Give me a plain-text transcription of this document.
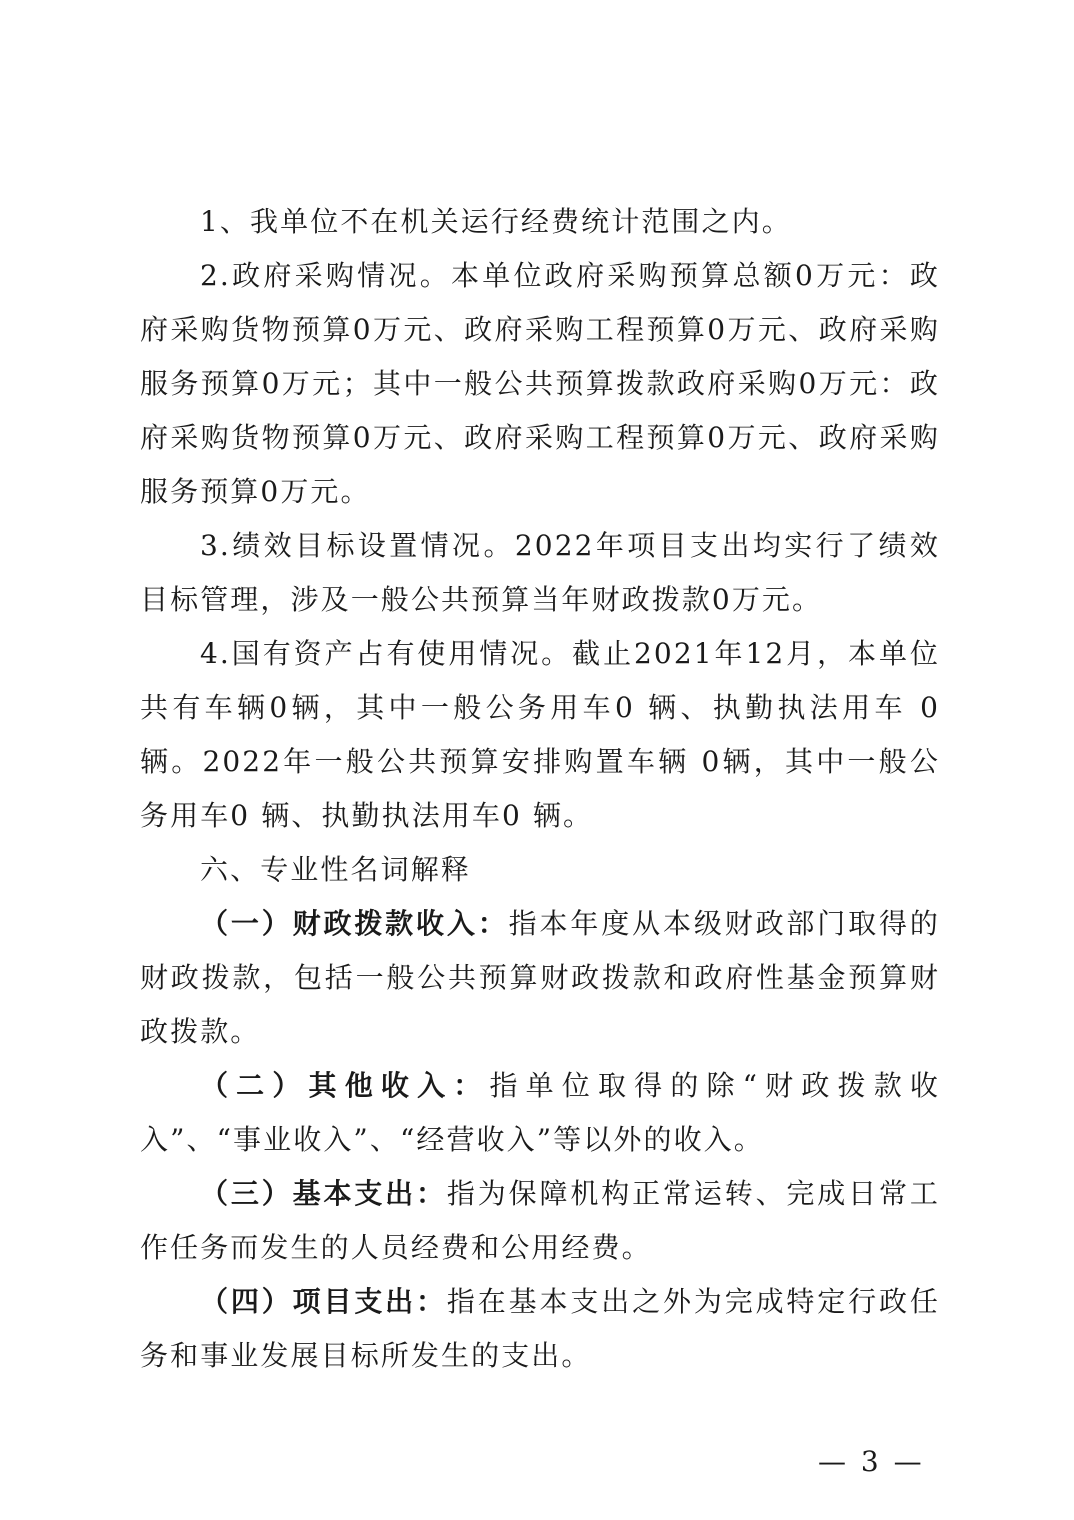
1、我单位不在机关运行经费统计范围之内。

2.政府采购情况。本单位政府采购预算总额0万元：政府采购货物预算0万元、政府采购工程预算0万元、政府采购服务预算0万元；其中一般公共预算拨款政府采购0万元：政府采购货物预算0万元、政府采购工程预算0万元、政府采购服务预算0万元。

3.绩效目标设置情况。2022年项目支出均实行了绩效目标管理，涉及一般公共预算当年财政拨款0万元。

4.国有资产占有使用情况。截止2021年12月，本单位共有车辆0辆，其中一般公务用车0 辆、执勤执法用车 0辆。2022年一般公共预算安排购置车辆 0辆，其中一般公务用车0 辆、执勤执法用车0 辆。

六、专业性名词解释

（一）财政拨款收入：指本年度从本级财政部门取得的财政拨款，包括一般公共预算财政拨款和政府性基金预算财政拨款。

（二）其他收入：指单位取得的除“财政拨款收入”、“事业收入”、“经营收入”等以外的收入。

（三）基本支出：指为保障机构正常运转、完成日常工作任务而发生的人员经费和公用经费。

（四）项目支出：指在基本支出之外为完成特定行政任务和事业发展目标所发生的支出。

— 3 —
